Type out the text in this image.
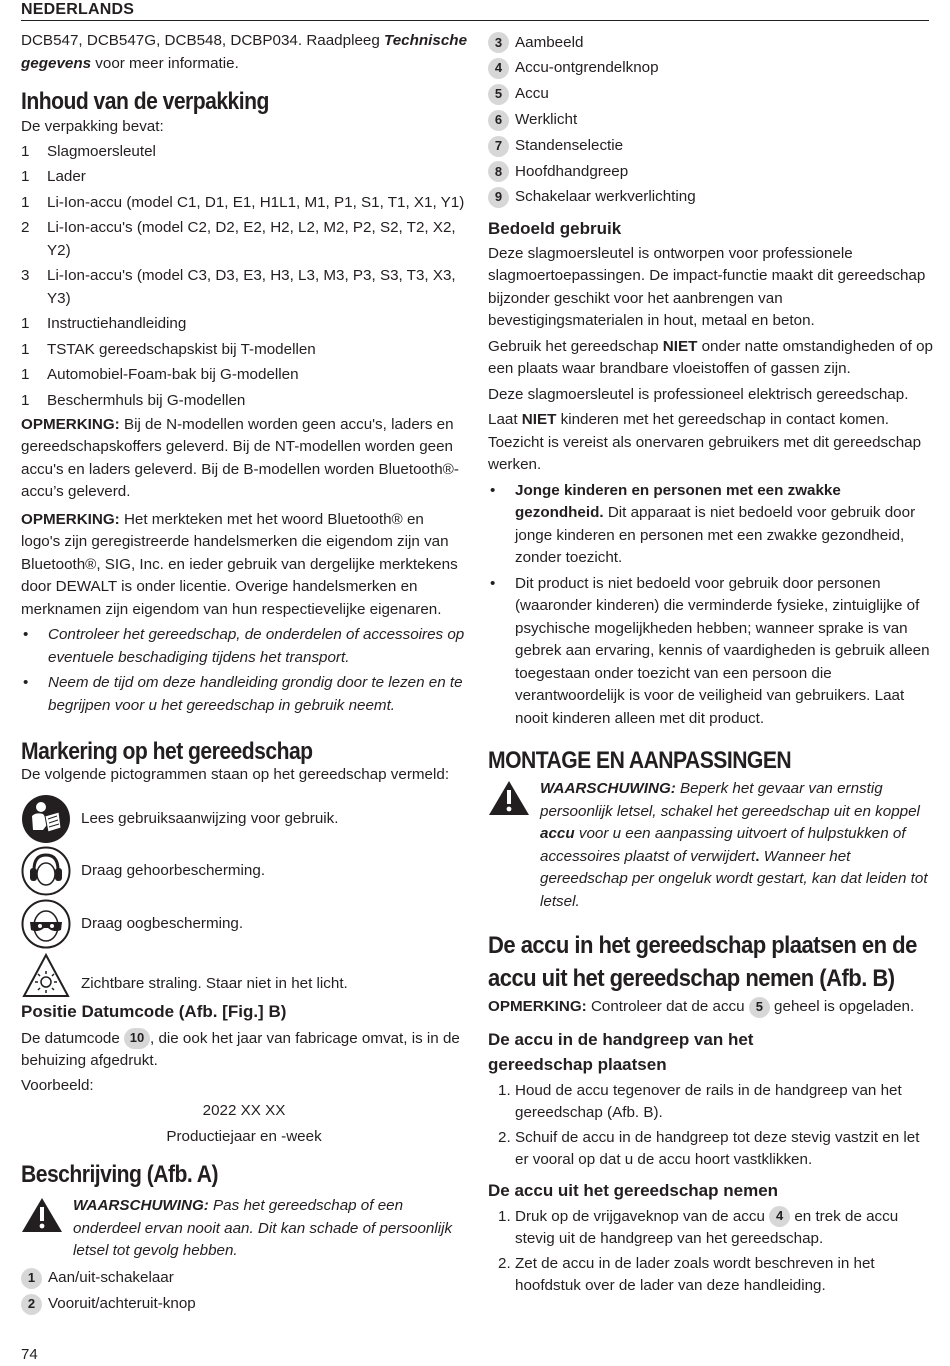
NEDERLANDS

DCB547, DCB547G, DCB548, DCBP034. Raadpleeg Technische gegevens voor meer informatie.

Inhoud van de verpakking

De verpakking bevat:

1	Slagmoersleutel
1	Lader
1	Li-Ion-accu (model C1, D1, E1, H1L1, M1, P1, S1, T1, X1, Y1)
2	Li-Ion-accu's (model C2, D2, E2, H2, L2, M2, P2, S2, T2, X2, Y2)
3	Li-Ion-accu's (model C3, D3, E3, H3, L3, M3, P3, S3, T3, X3, Y3)
1	Instructiehandleiding
1	TSTAK gereedschapskist bij T-modellen
1	Automobiel-Foam-bak bij G-modellen
1	Beschermhuls bij G-modellen

OPMERKING: Bij de N-modellen worden geen accu's, laders en gereedschapskoffers geleverd. Bij de NT-modellen worden geen accu's en laders geleverd. Bij de B-modellen worden Bluetooth®-accu’s geleverd.

OPMERKING: Het merkteken met het woord Bluetooth® en logo's zijn geregistreerde handelsmerken die eigendom zijn van Bluetooth®, SIG, Inc. en ieder gebruik van dergelijke merktekens door DEWALT is onder licentie. Overige handelsmerken en merknamen zijn eigendom van hun respectievelijke eigenaren.

•	Controleer het gereedschap, de onderdelen of accessoires op eventuele beschadiging tijdens het transport.
•	Neem de tijd om deze handleiding grondig door te lezen en te begrijpen voor u het gereedschap in gebruik neemt.
Markering op het gereedschap

De volgende pictogrammen staan op het gereedschap vermeld:

Lees gebruiksaanwijzing voor gebruik.

Draag gehoorbescherming.

Draag oogbescherming.

Zichtbare straling. Staar niet in het licht.

Positie Datumcode (Afb. [Fig.] B)

De datumcode 10 , die ook het jaar van fabricage omvat, is in de behuizing afgedrukt.

Voorbeeld:

2022 XX XX

Productiejaar en -week

Beschrijving (Afb. A)

WAARSCHUWING: Pas het gereedschap of een onderdeel ervan nooit aan. Dit kan schade of persoonlijk letsel tot gevolg hebben.

1 Aan/uit-schakelaar
2 Vooruit/achteruit-knop
74
3 Aambeeld
4 Accu-ontgrendelknop
5 Accu
6 Werklicht
7 Standenselectie
8 Hoofdhandgreep
9 Schakelaar werkverlichting
Bedoeld gebruik

Deze slagmoersleutel is ontworpen voor professionele slagmoertoepassingen. De impact-functie maakt dit gereedschap bijzonder geschikt voor het aanbrengen van bevestigingsmaterialen in hout, metaal en beton.

Gebruik het gereedschap NIET onder natte omstandigheden of op een plaats waar brandbare vloeistoffen of gassen zijn.

Deze slagmoersleutel is professioneel elektrisch gereedschap.

Laat NIET kinderen met het gereedschap in contact komen. Toezicht is vereist als onervaren gebruikers met dit gereedschap werken.

•	Jonge kinderen en personen met een zwakke gezondheid. Dit apparaat is niet bedoeld voor gebruik door jonge kinderen en personen met een zwakke gezondheid, zonder toezicht.
•	Dit product is niet bedoeld voor gebruik door personen (waaronder kinderen) die verminderde fysieke, zintuiglijke of psychische mogelijkheden hebben; wanneer sprake is van gebrek aan ervaring, kennis of vaardigheden is gebruik alleen toegestaan onder toezicht van een persoon die verantwoordelijk is voor de veiligheid van gebruikers. Laat nooit kinderen alleen met dit product.
MONTAGE EN AANPASSINGEN

WAARSCHUWING: Beperk het gevaar van ernstig persoonlijk letsel, schakel het gereedschap uit en koppel accu voor u een aanpassing uitvoert of hulpstukken of accessoires plaatst of verwijdert. Wanneer het gereedschap per ongeluk wordt gestart, kan dat leiden tot letsel.

De accu in het gereedschap plaatsen en de
accu uit het gereedschap nemen (Afb. B)

OPMERKING: Controleer dat de accu 5 geheel is opgeladen.

De accu in de handgreep van het gereedschap plaatsen
1. Houd de accu tegenover de rails in de handgreep van het gereedschap (Afb. B).
2. Schuif de accu in de handgreep tot deze stevig vastzit en let er vooral op dat u de accu hoort vastklikken.
De accu uit het gereedschap nemen
1. Druk op de vrijgaveknop van de accu 4 en trek de accu stevig uit de handgreep van het gereedschap.
2. Zet de accu in de lader zoals wordt beschreven in het hoofdstuk over de lader van deze handleiding.
